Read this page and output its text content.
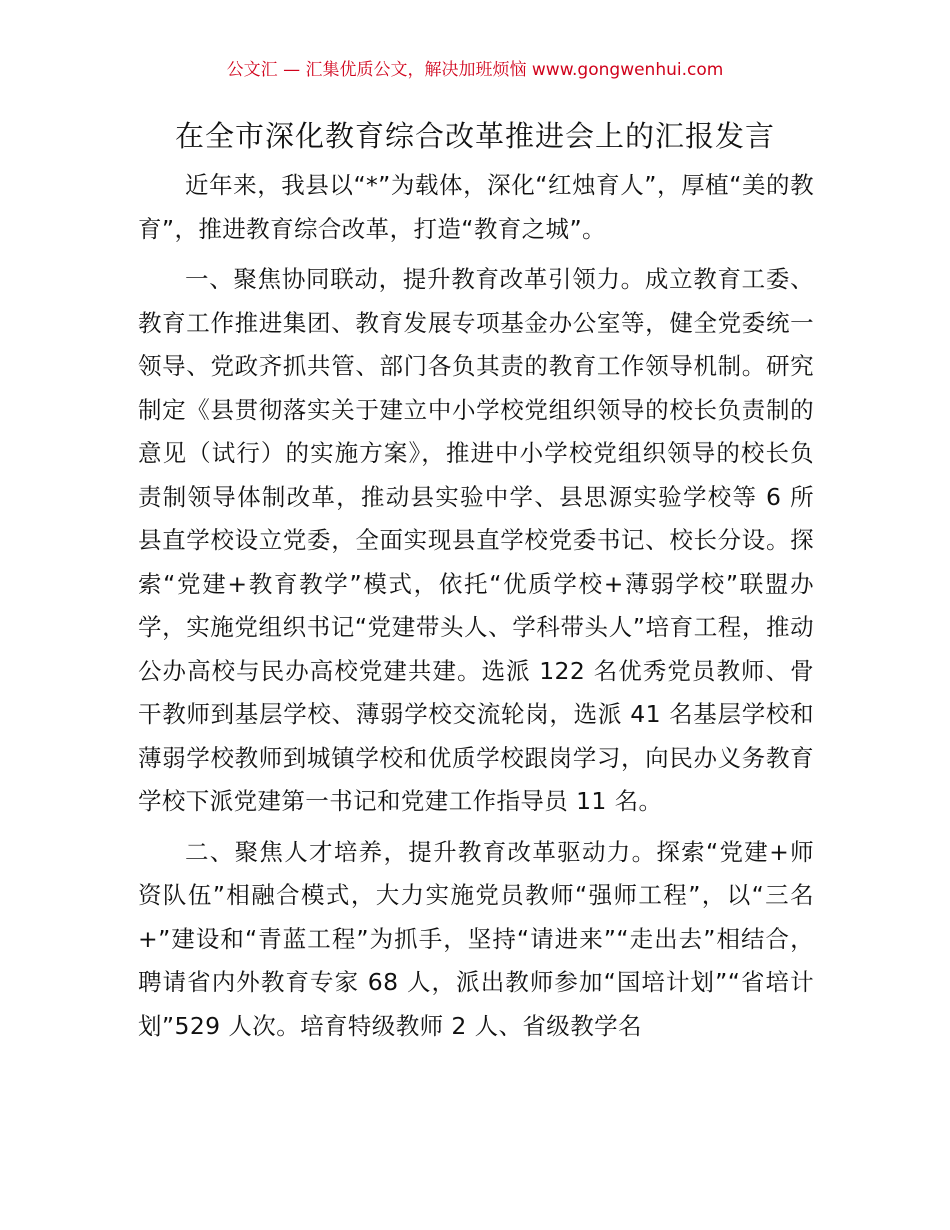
公文汇 — 汇集优质公文，解决加班烦恼 www.gongwenhui.com
在全市深化教育综合改革推进会上的汇报发言

近年来，我县以“*”为载体，深化“红烛育人”，厚植“美的教育”，推进教育综合改革，打造“教育之城”。

一、聚焦协同联动，提升教育改革引领力。成立教育工委、教育工作推进集团、教育发展专项基金办公室等，健全党委统一领导、党政齐抓共管、部门各负其责的教育工作领导机制。研究制定《县贯彻落实关于建立中小学校党组织领导的校长负责制的意见（试行）的实施方案》，推进中小学校党组织领导的校长负责制领导体制改革，推动县实验中学、县思源实验学校等 6 所县直学校设立党委，全面实现县直学校党委书记、校长分设。探索“党建+教育教学”模式，依托“优质学校+薄弱学校”联盟办学，实施党组织书记“党建带头人、学科带头人”培育工程，推动公办高校与民办高校党建共建。选派 122 名优秀党员教师、骨干教师到基层学校、薄弱学校交流轮岗，选派 41 名基层学校和薄弱学校教师到城镇学校和优质学校跟岗学习，向民办义务教育学校下派党建第一书记和党建工作指导员 11 名。

二、聚焦人才培养，提升教育改革驱动力。探索“党建+师资队伍”相融合模式，大力实施党员教师“强师工程”，以“三名+”建设和“青蓝工程”为抓手，坚持“请进来”“走出去”相结合，聘请省内外教育专家 68 人，派出教师参加“国培计划”“省培计划”529 人次。培育特级教师 2 人、省级教学名
